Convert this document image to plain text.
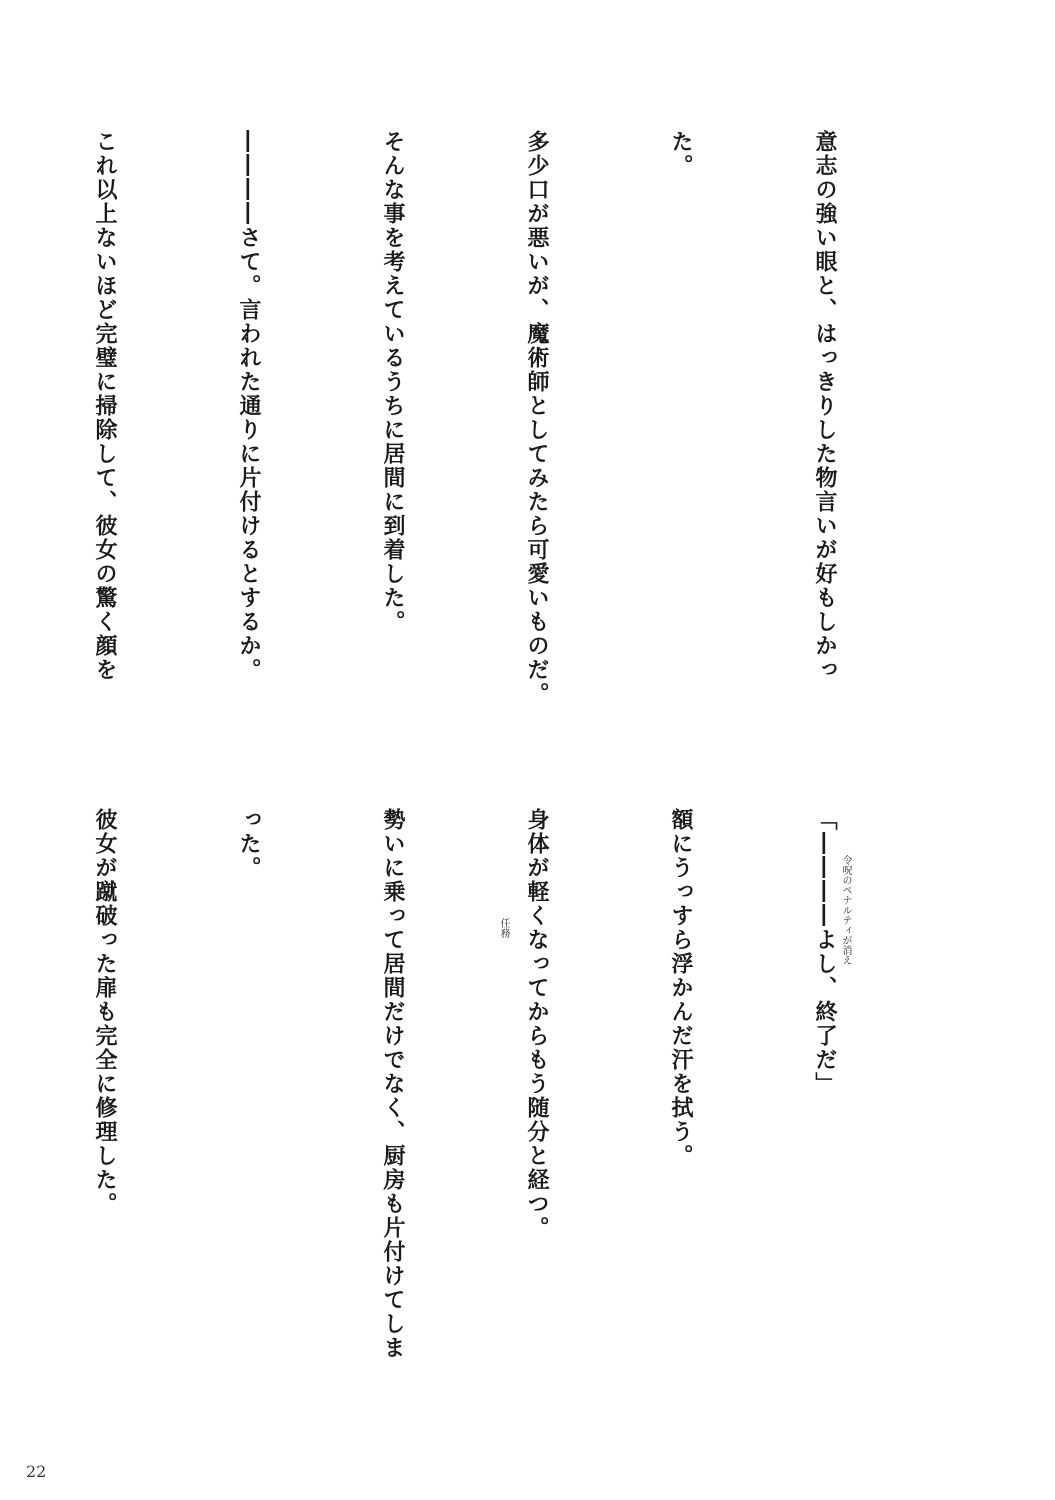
意志の強い眼と、はっきりした物言いが好もしかっ

た。

多少口が悪いが、魔術師としてみたら可愛いものだ。

そんな事を考えているうちに居間に到着した。

――――さて。言われた通りに片付けるとするか。

これ以上ないほど完璧に掃除して、彼女の驚く顔を

「――――よし、終了だ」

額にうっすら浮かんだ汗を拭う。

身体が軽くなってからもう随分と経つ。

勢いに乗って居間だけでなく、厨房も片付けてしま

った。

彼女が蹴破った扉も完全に修理した。

	令呪のペナルティが消え
任務
22
